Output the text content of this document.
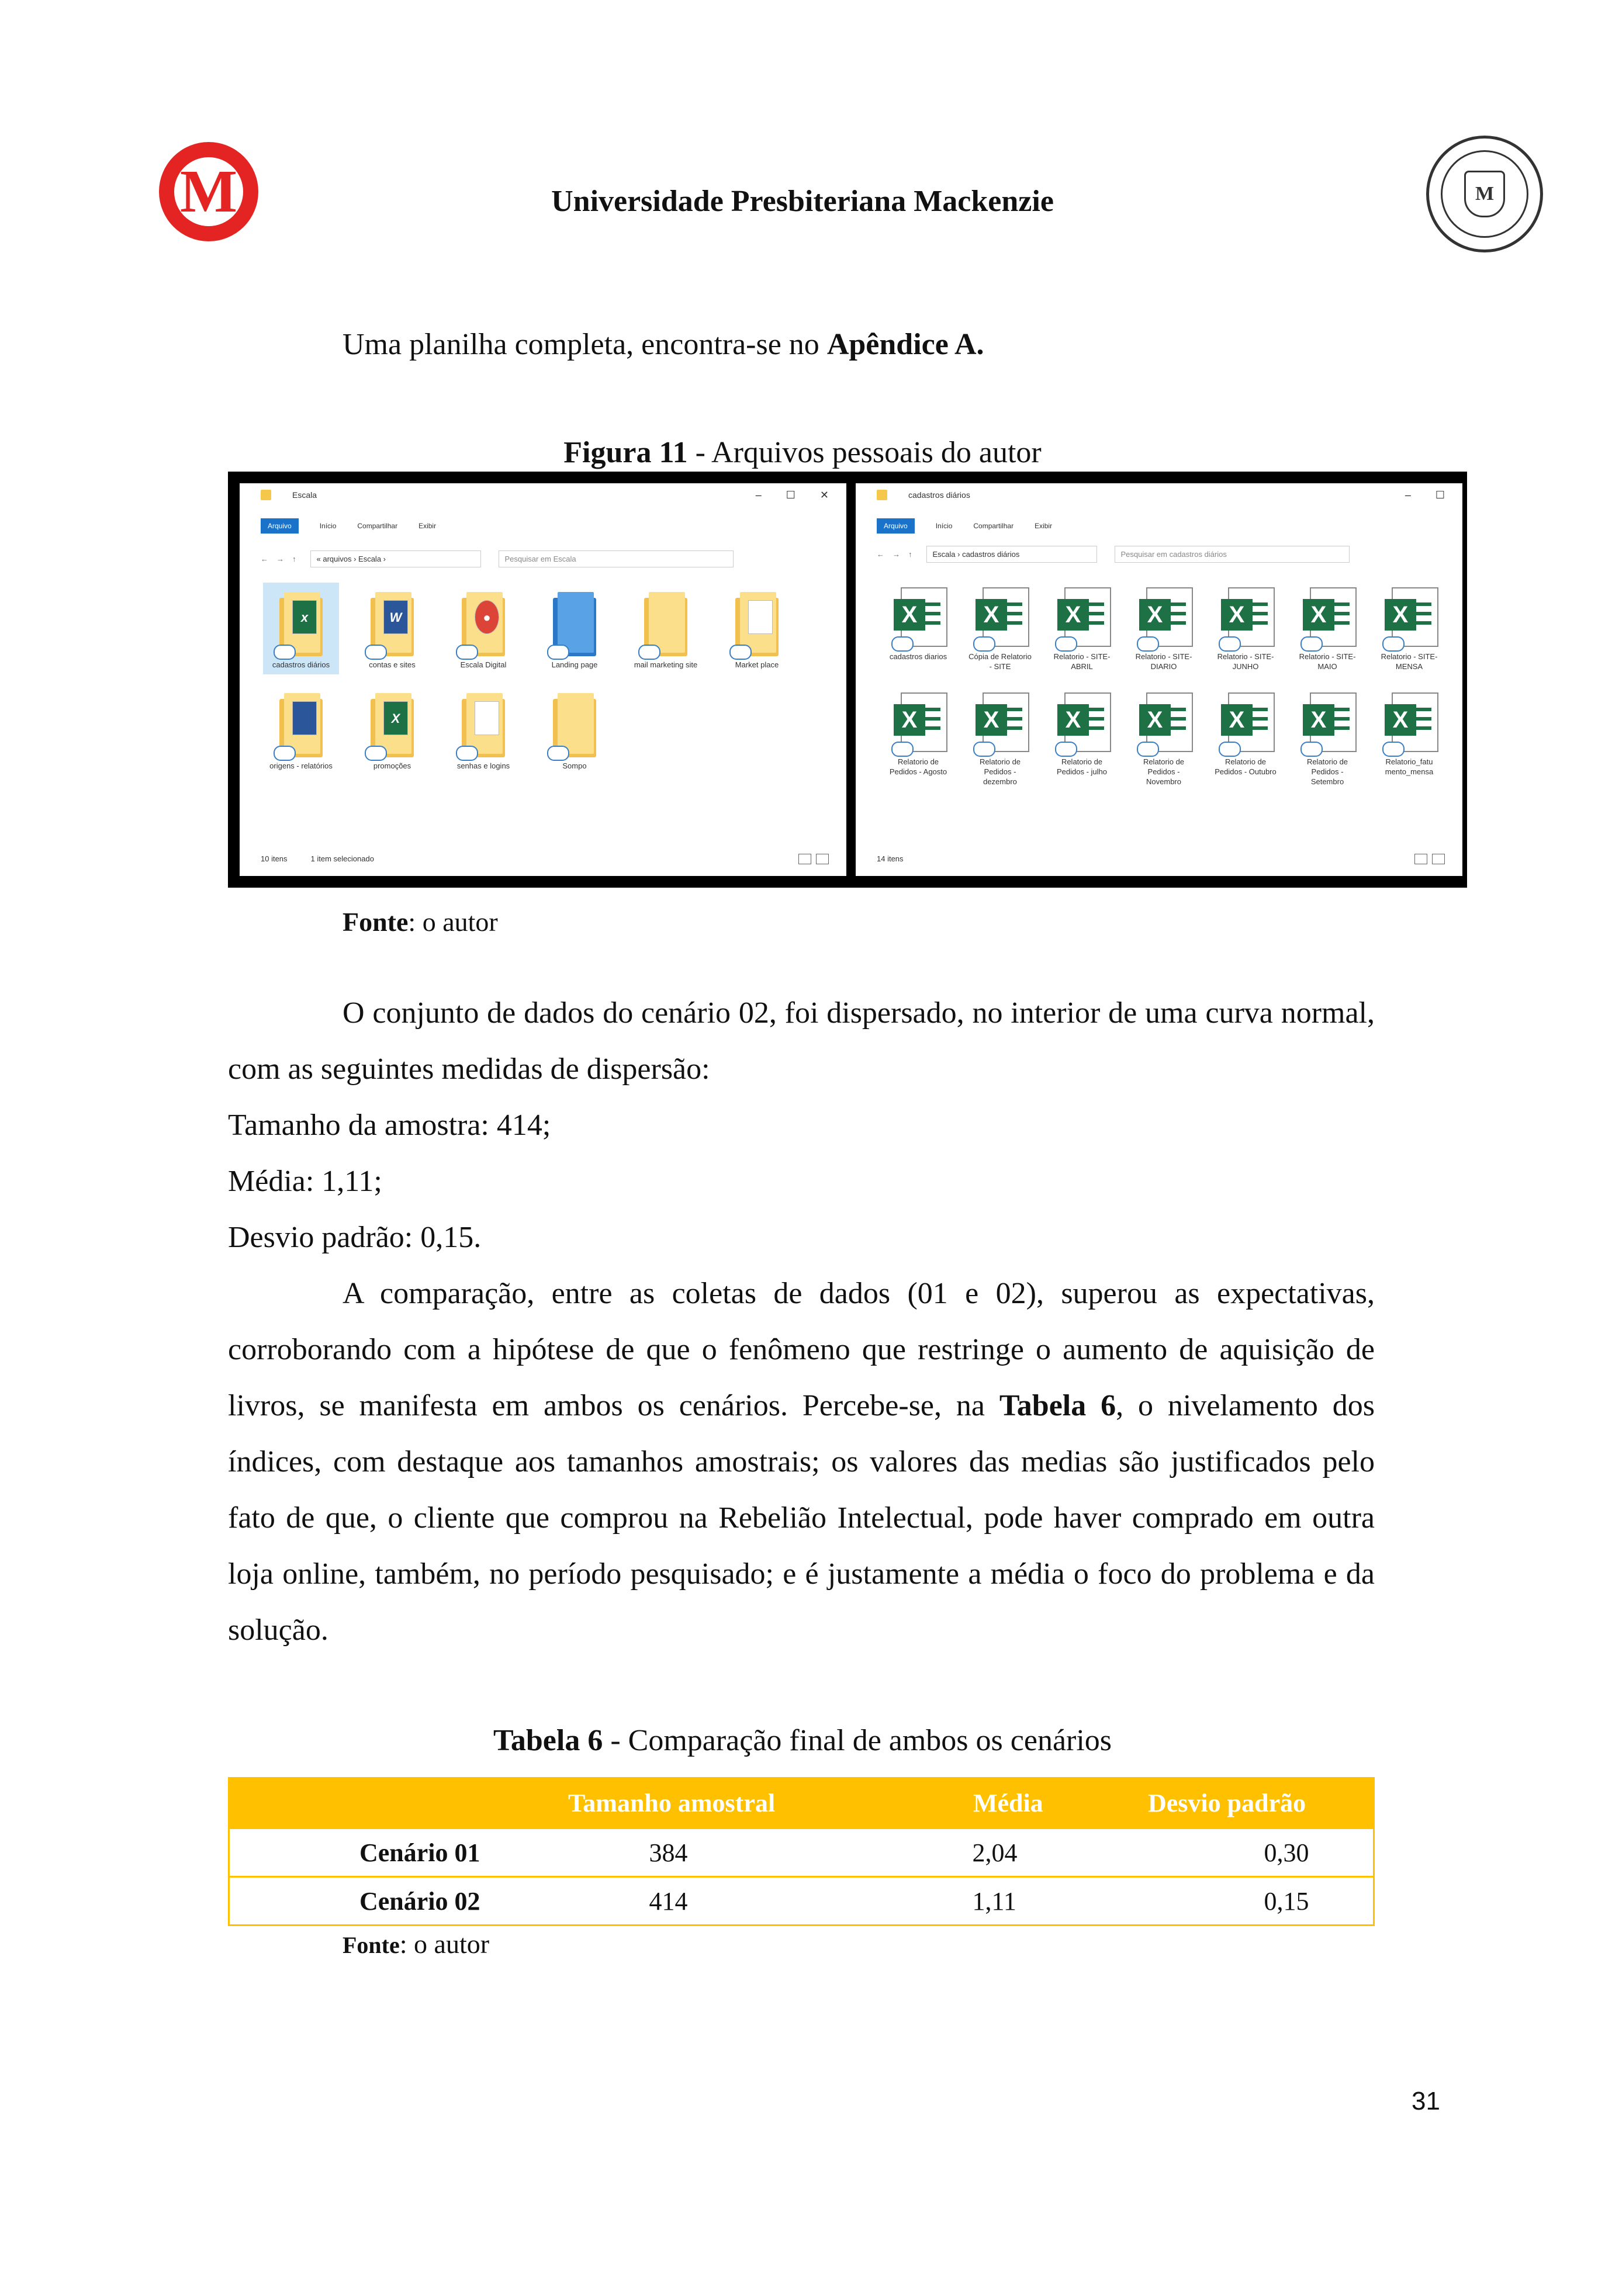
M	Universidade Presbiteriana Mackenzie	M
Uma planilha completa, encontra-se no Apêndice A.
Figura 11 - Arquivos pessoais do autor
Escala	– ☐ ✕
Arquivo	Início	Compartilhar	Exibir
←→↑	« arquivos › Escala ›	Pesquisar em Escala
x
cadastros diários
W
contas e sites
●
Escala Digital	Landing page	mail marketing site	Market place
origens - relatórios
X
promoções	senhas e logins	Sompo
10 itens	1 item selecionado
cadastros diários	– ☐
Arquivo	Início	Compartilhar	Exibir
←→↑	Escala › cadastros diários	Pesquisar em cadastros diários
X
cadastros diarios
X
Cópia de Relatorio - SITE
X
Relatorio - SITE-ABRIL
X
Relatorio - SITE-DIARIO
X
Relatorio - SITE-JUNHO
X
Relatorio - SITE-MAIO
X
Relatorio - SITE-MENSA
X
Relatorio de Pedidos - Agosto
X
Relatorio de Pedidos - dezembro
X
Relatorio de Pedidos - julho
X
Relatorio de Pedidos - Novembro
X
Relatorio de Pedidos - Outubro
X
Relatorio de Pedidos - Setembro
X
Relatorio_fatu mento_mensa
14 itens
Fonte: o autor
O conjunto de dados do cenário 02, foi dispersado, no interior de uma curva normal, com as seguintes medidas de dispersão:
Tamanho da amostra: 414;
Média: 1,11;
Desvio padrão: 0,15.
A comparação, entre as coletas de dados (01 e 02), superou as expectativas, corroborando com a hipótese de que o fenômeno que restringe o aumento de aquisição de livros, se manifesta em ambos os cenários. Percebe-se, na Tabela 6, o nivelamento dos índices, com destaque aos tamanhos amostrais; os valores das medias são justificados pelo fato de que, o cliente que comprou na Rebelião Intelectual, pode haver comprado em outra loja online, também, no período pesquisado; e é justamente a média o foco do problema e da solução.
Tabela 6 - Comparação final de ambos os cenários
	Tamanho amostral	Média	Desvio padrão
Cenário 01	384	2,04	0,30
Cenário 02	414	1,11	0,15
Fonte: o autor
31
